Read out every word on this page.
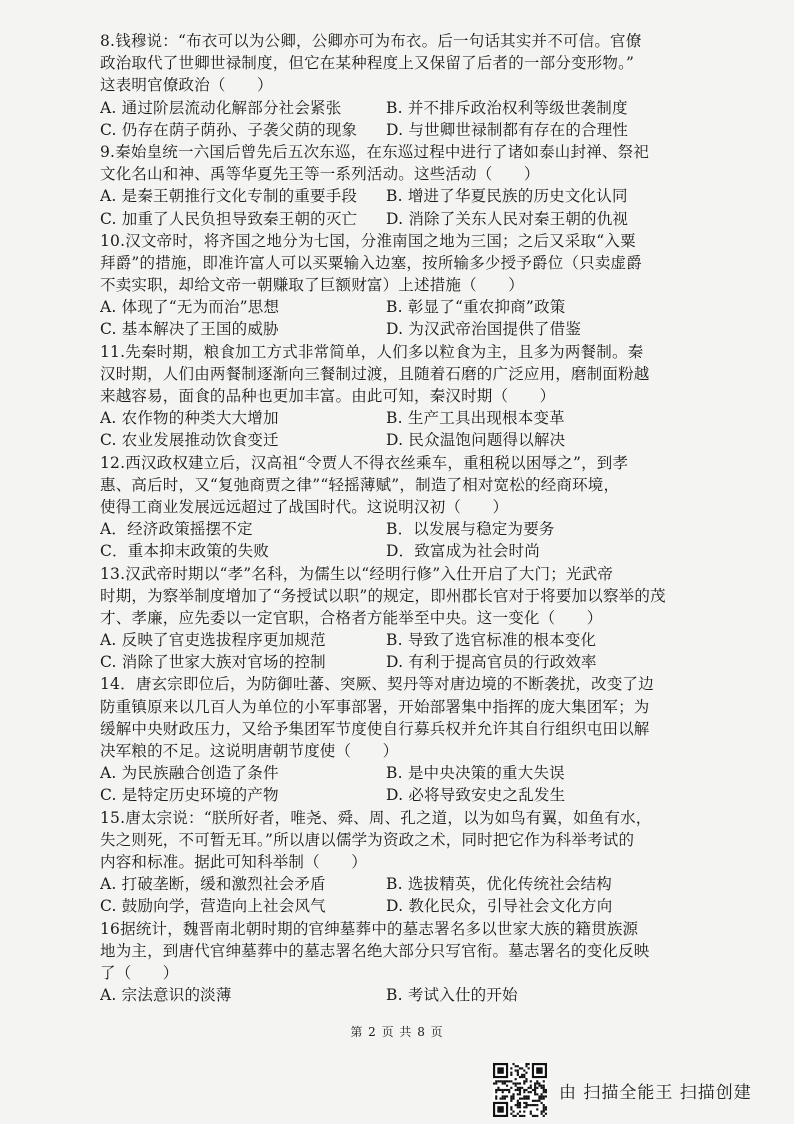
8.钱穆说：“布衣可以为公卿，公卿亦可为布衣。后一句话其实并不可信。官僚
政治取代了世卿世禄制度，但它在某种程度上又保留了后者的一部分变形物。”
这表明官僚政治（　　）
A. 通过阶层流动化解部分社会紧张	B. 并不排斥政治权利等级世袭制度
C. 仍存在荫子荫孙、子袭父荫的现象	D. 与世卿世禄制都有存在的合理性
9.秦始皇统一六国后曾先后五次东巡，在东巡过程中进行了诸如泰山封禅、祭祀
文化名山和神、禹等华夏先王等一系列活动。这些活动（　　）
A. 是秦王朝推行文化专制的重要手段	B. 增进了华夏民族的历史文化认同
C. 加重了人民负担导致秦王朝的灭亡	D. 消除了关东人民对秦王朝的仇视
10.汉文帝时，将齐国之地分为七国，分淮南国之地为三国；之后又采取“入粟
拜爵”的措施，即准许富人可以买粟输入边塞，按所输多少授予爵位（只卖虚爵
不卖实职，却给文帝一朝赚取了巨额财富）上述措施（　　）
A. 体现了“无为而治”思想	B. 彰显了“重农抑商”政策
C. 基本解决了王国的威胁	D. 为汉武帝治国提供了借鉴
11.先秦时期，粮食加工方式非常简单，人们多以粒食为主，且多为两餐制。秦
汉时期，人们由两餐制逐渐向三餐制过渡，且随着石磨的广泛应用，磨制面粉越
来越容易，面食的品种也更加丰富。由此可知，秦汉时期（　　）
A. 农作物的种类大大增加	B. 生产工具出现根本变革
C. 农业发展推动饮食变迁	D. 民众温饱问题得以解决
12.西汉政权建立后，汉高祖“令贾人不得衣丝乘车，重租税以困辱之”，到孝
惠、高后时，又“复弛商贾之律”“轻摇薄赋”，制造了相对宽松的经商环境，
使得工商业发展远远超过了战国时代。这说明汉初（　　）
A．经济政策摇摆不定	B．以发展与稳定为要务
C．重本抑末政策的失败	D．致富成为社会时尚
13.汉武帝时期以“孝”名科，为儒生以“经明行修”入仕开启了大门；光武帝
时期，为察举制度增加了“务授试以职”的规定，即州郡长官对于将要加以察举的茂
才、孝廉，应先委以一定官职，合格者方能举至中央。这一变化（　　）
A. 反映了官吏选拔程序更加规范	B. 导致了选官标准的根本变化
C. 消除了世家大族对官场的控制	D. 有利于提高官员的行政效率
14．唐玄宗即位后，为防御吐蕃、突厥、契丹等对唐边境的不断袭扰，改变了边
防重镇原来以几百人为单位的小军事部署，开始部署集中指挥的庞大集团军；为
缓解中央财政压力，又给予集团军节度使自行募兵权并允许其自行组织屯田以解
决军粮的不足。这说明唐朝节度使（　　）
A. 为民族融合创造了条件	B. 是中央决策的重大失误
C. 是特定历史环境的产物	D. 必将导致安史之乱发生
15.唐太宗说：“朕所好者，唯尧、舜、周、孔之道，以为如鸟有翼，如鱼有水，
失之则死，不可暂无耳。”所以唐以儒学为资政之术，同时把它作为科举考试的
内容和标准。据此可知科举制（　　）
A. 打破垄断，缓和激烈社会矛盾	B. 选拔精英，优化传统社会结构
C. 鼓励向学，营造向上社会风气	D. 教化民众，引导社会文化方向
16据统计，魏晋南北朝时期的官绅墓葬中的墓志署名多以世家大族的籍贯族源
地为主，到唐代官绅墓葬中的墓志署名绝大部分只写官衔。墓志署名的变化反映
了（　　）
A. 宗法意识的淡薄	B. 考试入仕的开始
第 2 页 共 8 页
由 扫描全能王 扫描创建
